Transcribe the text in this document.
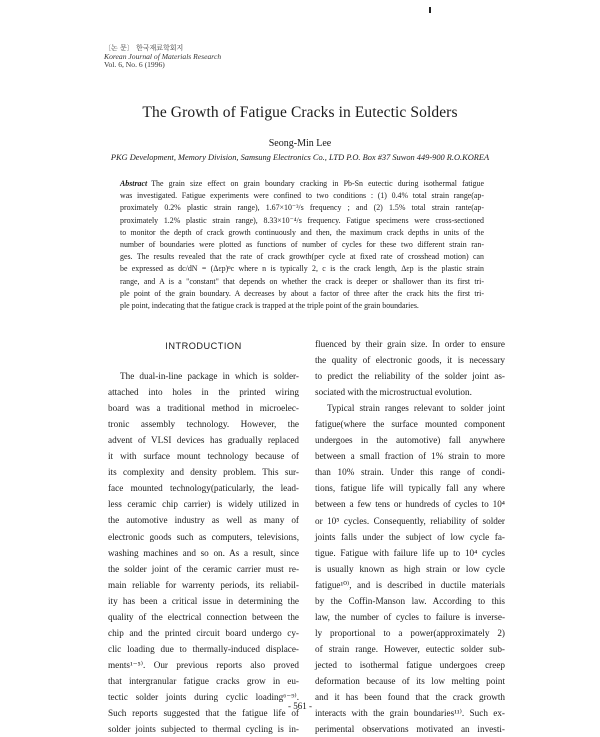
〔논 문〕 한국재료학회지
Korean Journal of Materials Research
Vol. 6, No. 6 (1996)
The Growth of Fatigue Cracks in Eutectic Solders
Seong-Min Lee
PKG Development, Memory Division, Samsung Electronics Co., LTD P.O. Box #37 Suwon 449-900 R.O.KOREA
Abstract The grain size effect on grain boundary cracking in Pb-Sn eutectic during isothermal fatigue
was investigated. Fatigue experiments were confined to two conditions : (1) 0.4% total strain range(ap-
proximately 0.2% plastic strain range), 1.67×10⁻³/s frequency ; and (2) 1.5% total strain rante(ap-
proximately 1.2% plastic strain range), 8.33×10⁻⁴/s frequency. Fatigue specimens were cross-sectioned
to monitor the depth of crack growth continuously and then, the maximum crack depths in units of the
number of boundaries were plotted as functions of number of cycles for these two different strain ran-
ges. The results revealed that the rate of crack growth(per cycle at fixed rate of crosshead motion) can
be expressed as dc/dN = (Δεp)ⁿc where n is typically 2, c is the crack length, Δεp is the plastic strain
range, and A is a "constant" that depends on whether the crack is deeper or shallower than its first tri-
ple point of the grain boundary. A decreases by about a factor of three after the crack hits the first tri-
ple point, indecating that the fatigue crack is trapped at the triple point of the grain boundaries.
INTRODUCTION
The dual-in-line package in which is solder-
attached into holes in the printed wiring
board was a traditional method in microelec-
tronic assembly technology. However, the
advent of VLSI devices has gradually replaced
it with surface mount technology because of
its complexity and density problem. This sur-
face mounted technology(paticularly, the lead-
less ceramic chip carrier) is widely utilized in
the automotive industry as well as many of
electronic goods such as computers, televisions,
washing machines and so on. As a result, since
the solder joint of the ceramic carrier must re-
main reliable for warrenty periods, its reliabil-
ity has been a critical issue in determining the
quality of the electrical connection between the
chip and the printed circuit board undergo cy-
clic loading due to thermally-induced displace-
ments¹⁻⁵⁾. Our previous reports also proved
that intergranular fatigue cracks grow in eu-
tectic solder joints during cyclic loading⁶⁻⁹⁾.
Such reports suggested that the fatigue life of
solder joints subjected to thermal cycling is in-
fluenced by their grain size. In order to ensure
the quality of electronic goods, it is necessary
to predict the reliability of the solder joint as-
sociated with the microstructual evolution.
Typical strain ranges relevant to solder joint
fatigue(where the surface mounted component
undergoes in the automotive) fall anywhere
between a small fraction of 1% strain to more
than 10% strain. Under this range of condi-
tions, fatigue life will typically fall any where
between a few tens or hundreds of cycles to 10⁴
or 10⁵ cycles. Consequently, reliability of solder
joints falls under the subject of low cycle fa-
tigue. Fatigue with failure life up to 10⁴ cycles
is usually known as high strain or low cycle
fatigue¹⁰⁾, and is described in ductile materials
by the Coffin-Manson law. According to this
law, the number of cycles to failure is inverse-
ly proportional to a power(approximately 2)
of strain range. However, eutectic solder sub-
jected to isothermal fatigue undergoes creep
deformation because of its low melting point
and it has been found that the crack growth
interacts with the grain boundaries¹¹⁾. Such ex-
perimental observations motivated an investi-
- 561 -
